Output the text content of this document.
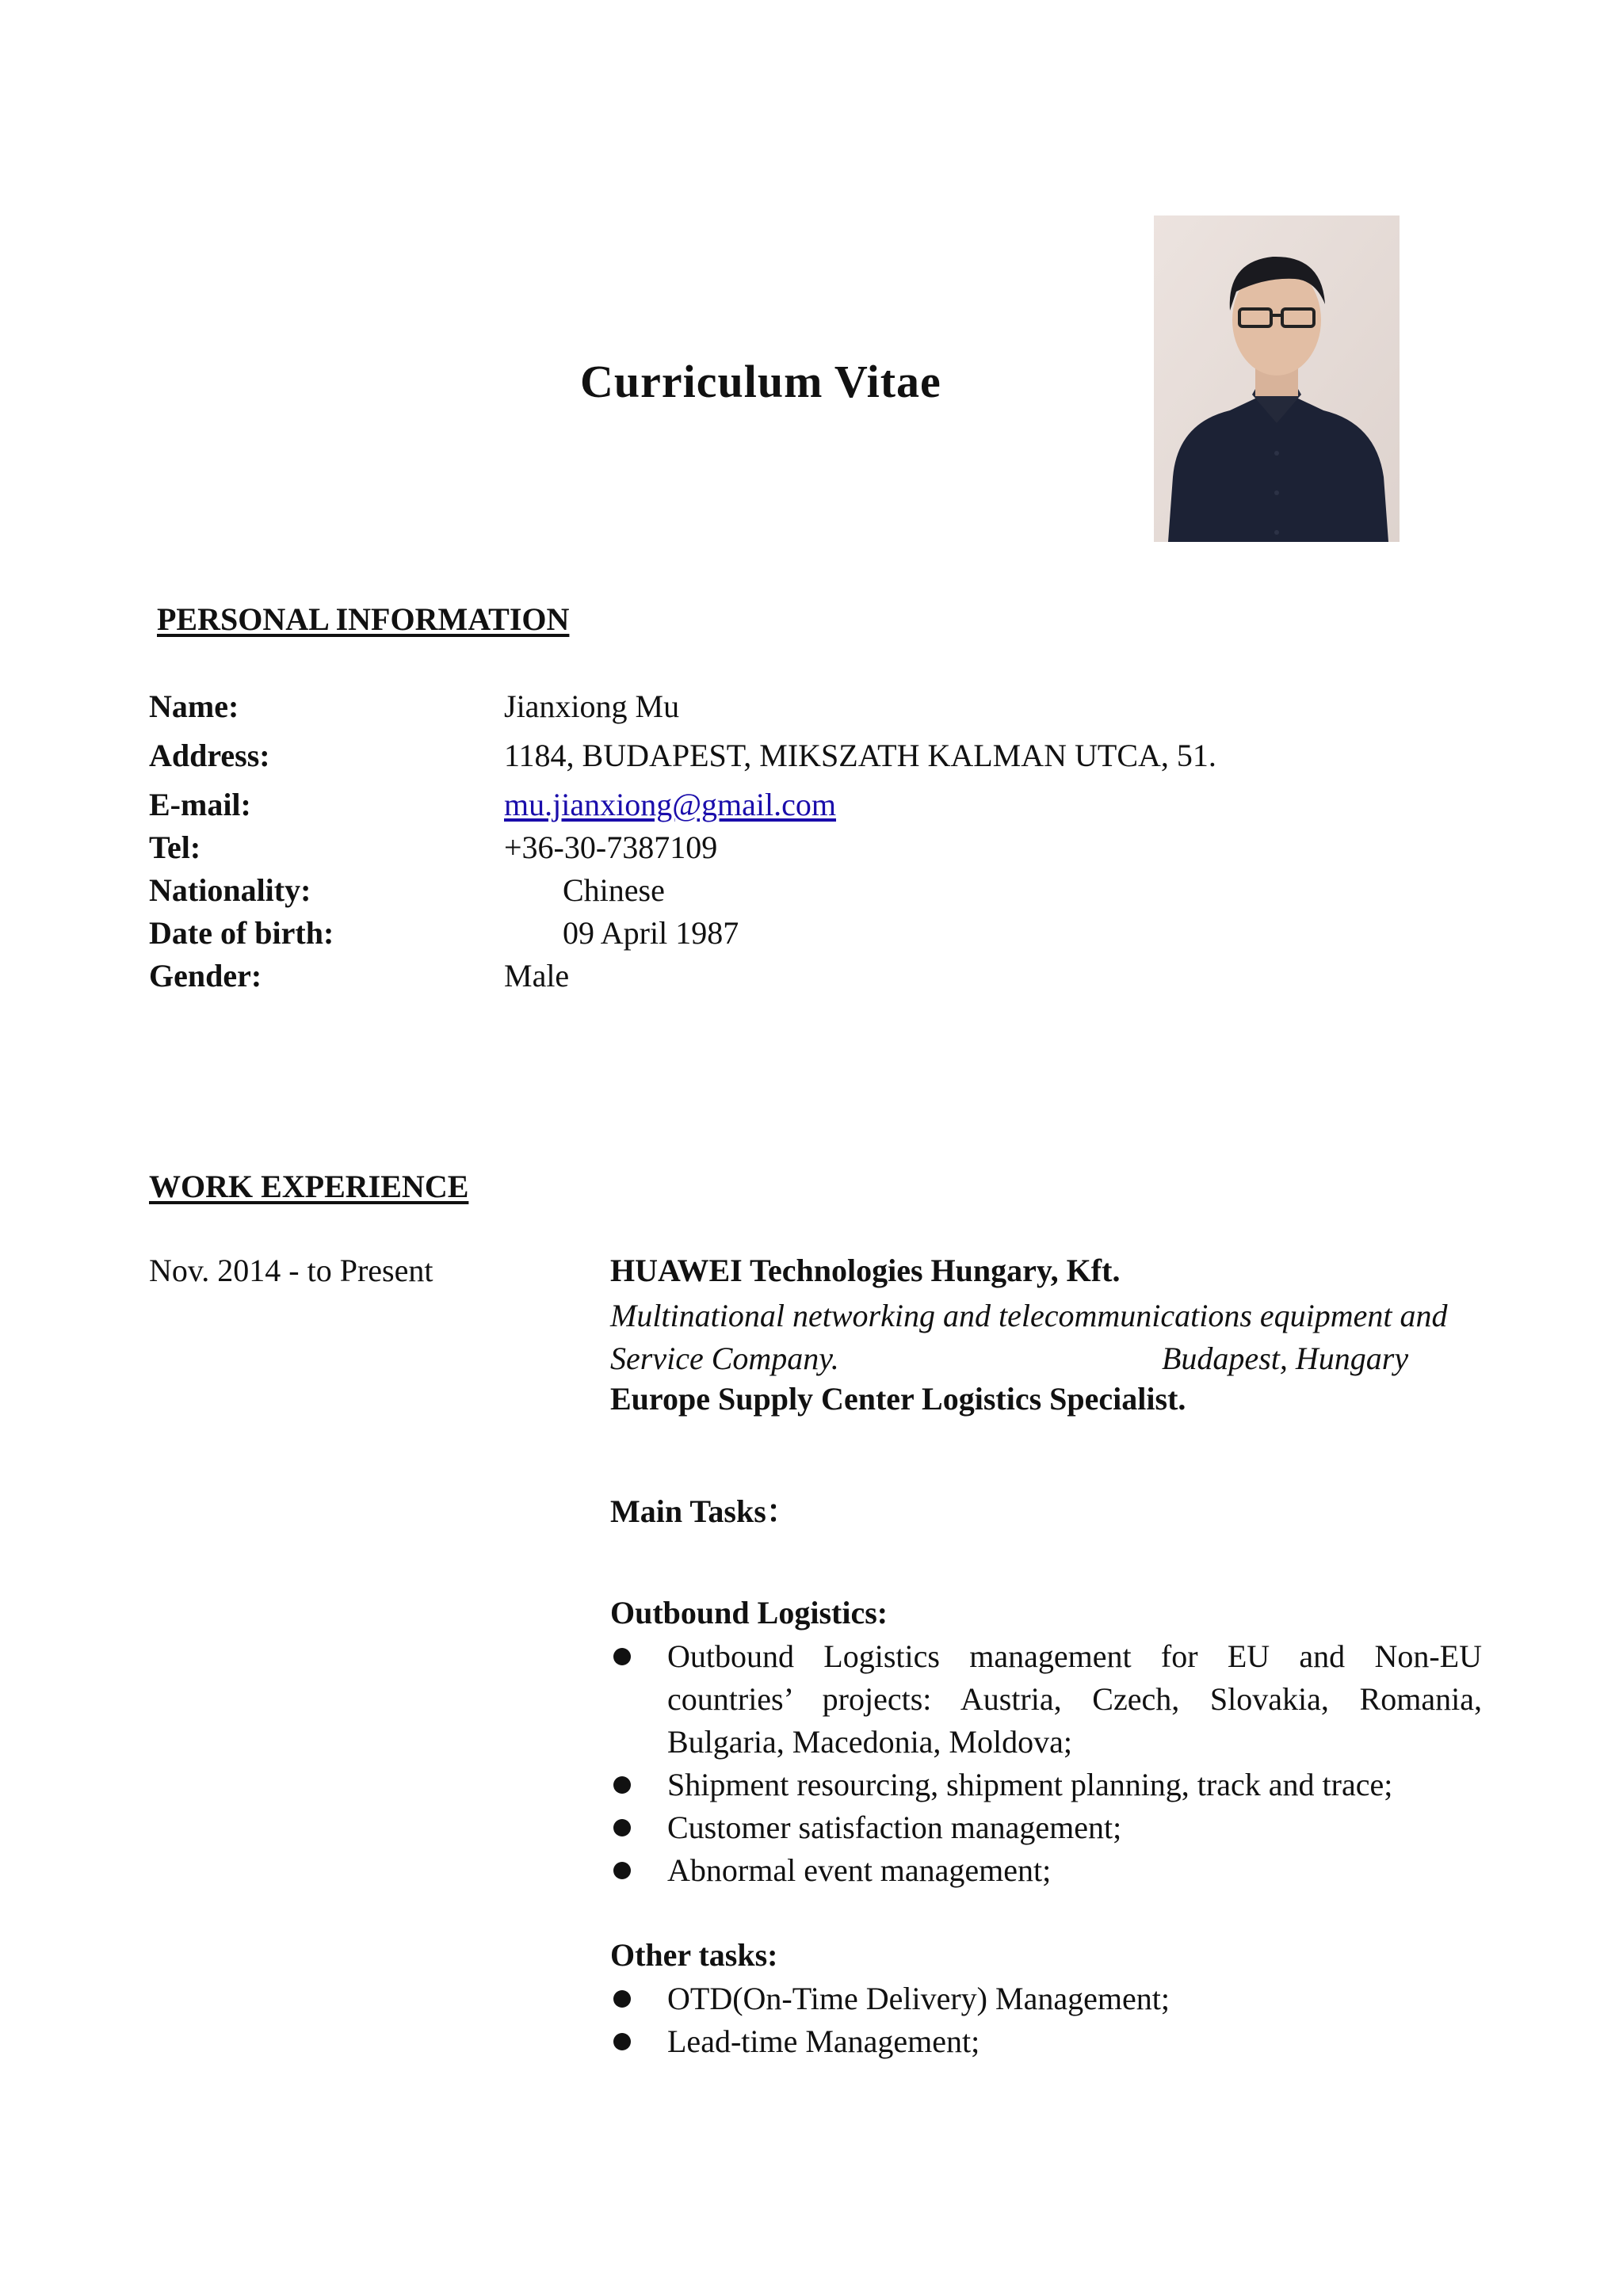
Curriculum Vitae
PERSONAL INFORMATION
Name:	Jianxiong Mu
Address:	1184, BUDAPEST, MIKSZATH KALMAN UTCA, 51.
E-mail:	mu.jianxiong@gmail.com
Tel:	+36-30-7387109
Nationality:	Chinese
Date of birth:	09 April 1987
Gender:	Male
WORK EXPERIENCE
Nov. 2014 - to Present	HUAWEI Technologies Hungary, Kft.
Multinational networking and telecommunications equipment and
Service Company.	Budapest, Hungary
Europe Supply Center Logistics Specialist.
Main Tasks：
Outbound Logistics:
Outbound Logistics management for EU and Non-EU countries’ projects: Austria, Czech, Slovakia, Romania, Bulgaria, Macedonia, Moldova;
Shipment resourcing, shipment planning, track and trace;
Customer satisfaction management;
Abnormal event management;
Other tasks:
OTD(On-Time Delivery) Management;
Lead-time Management;
